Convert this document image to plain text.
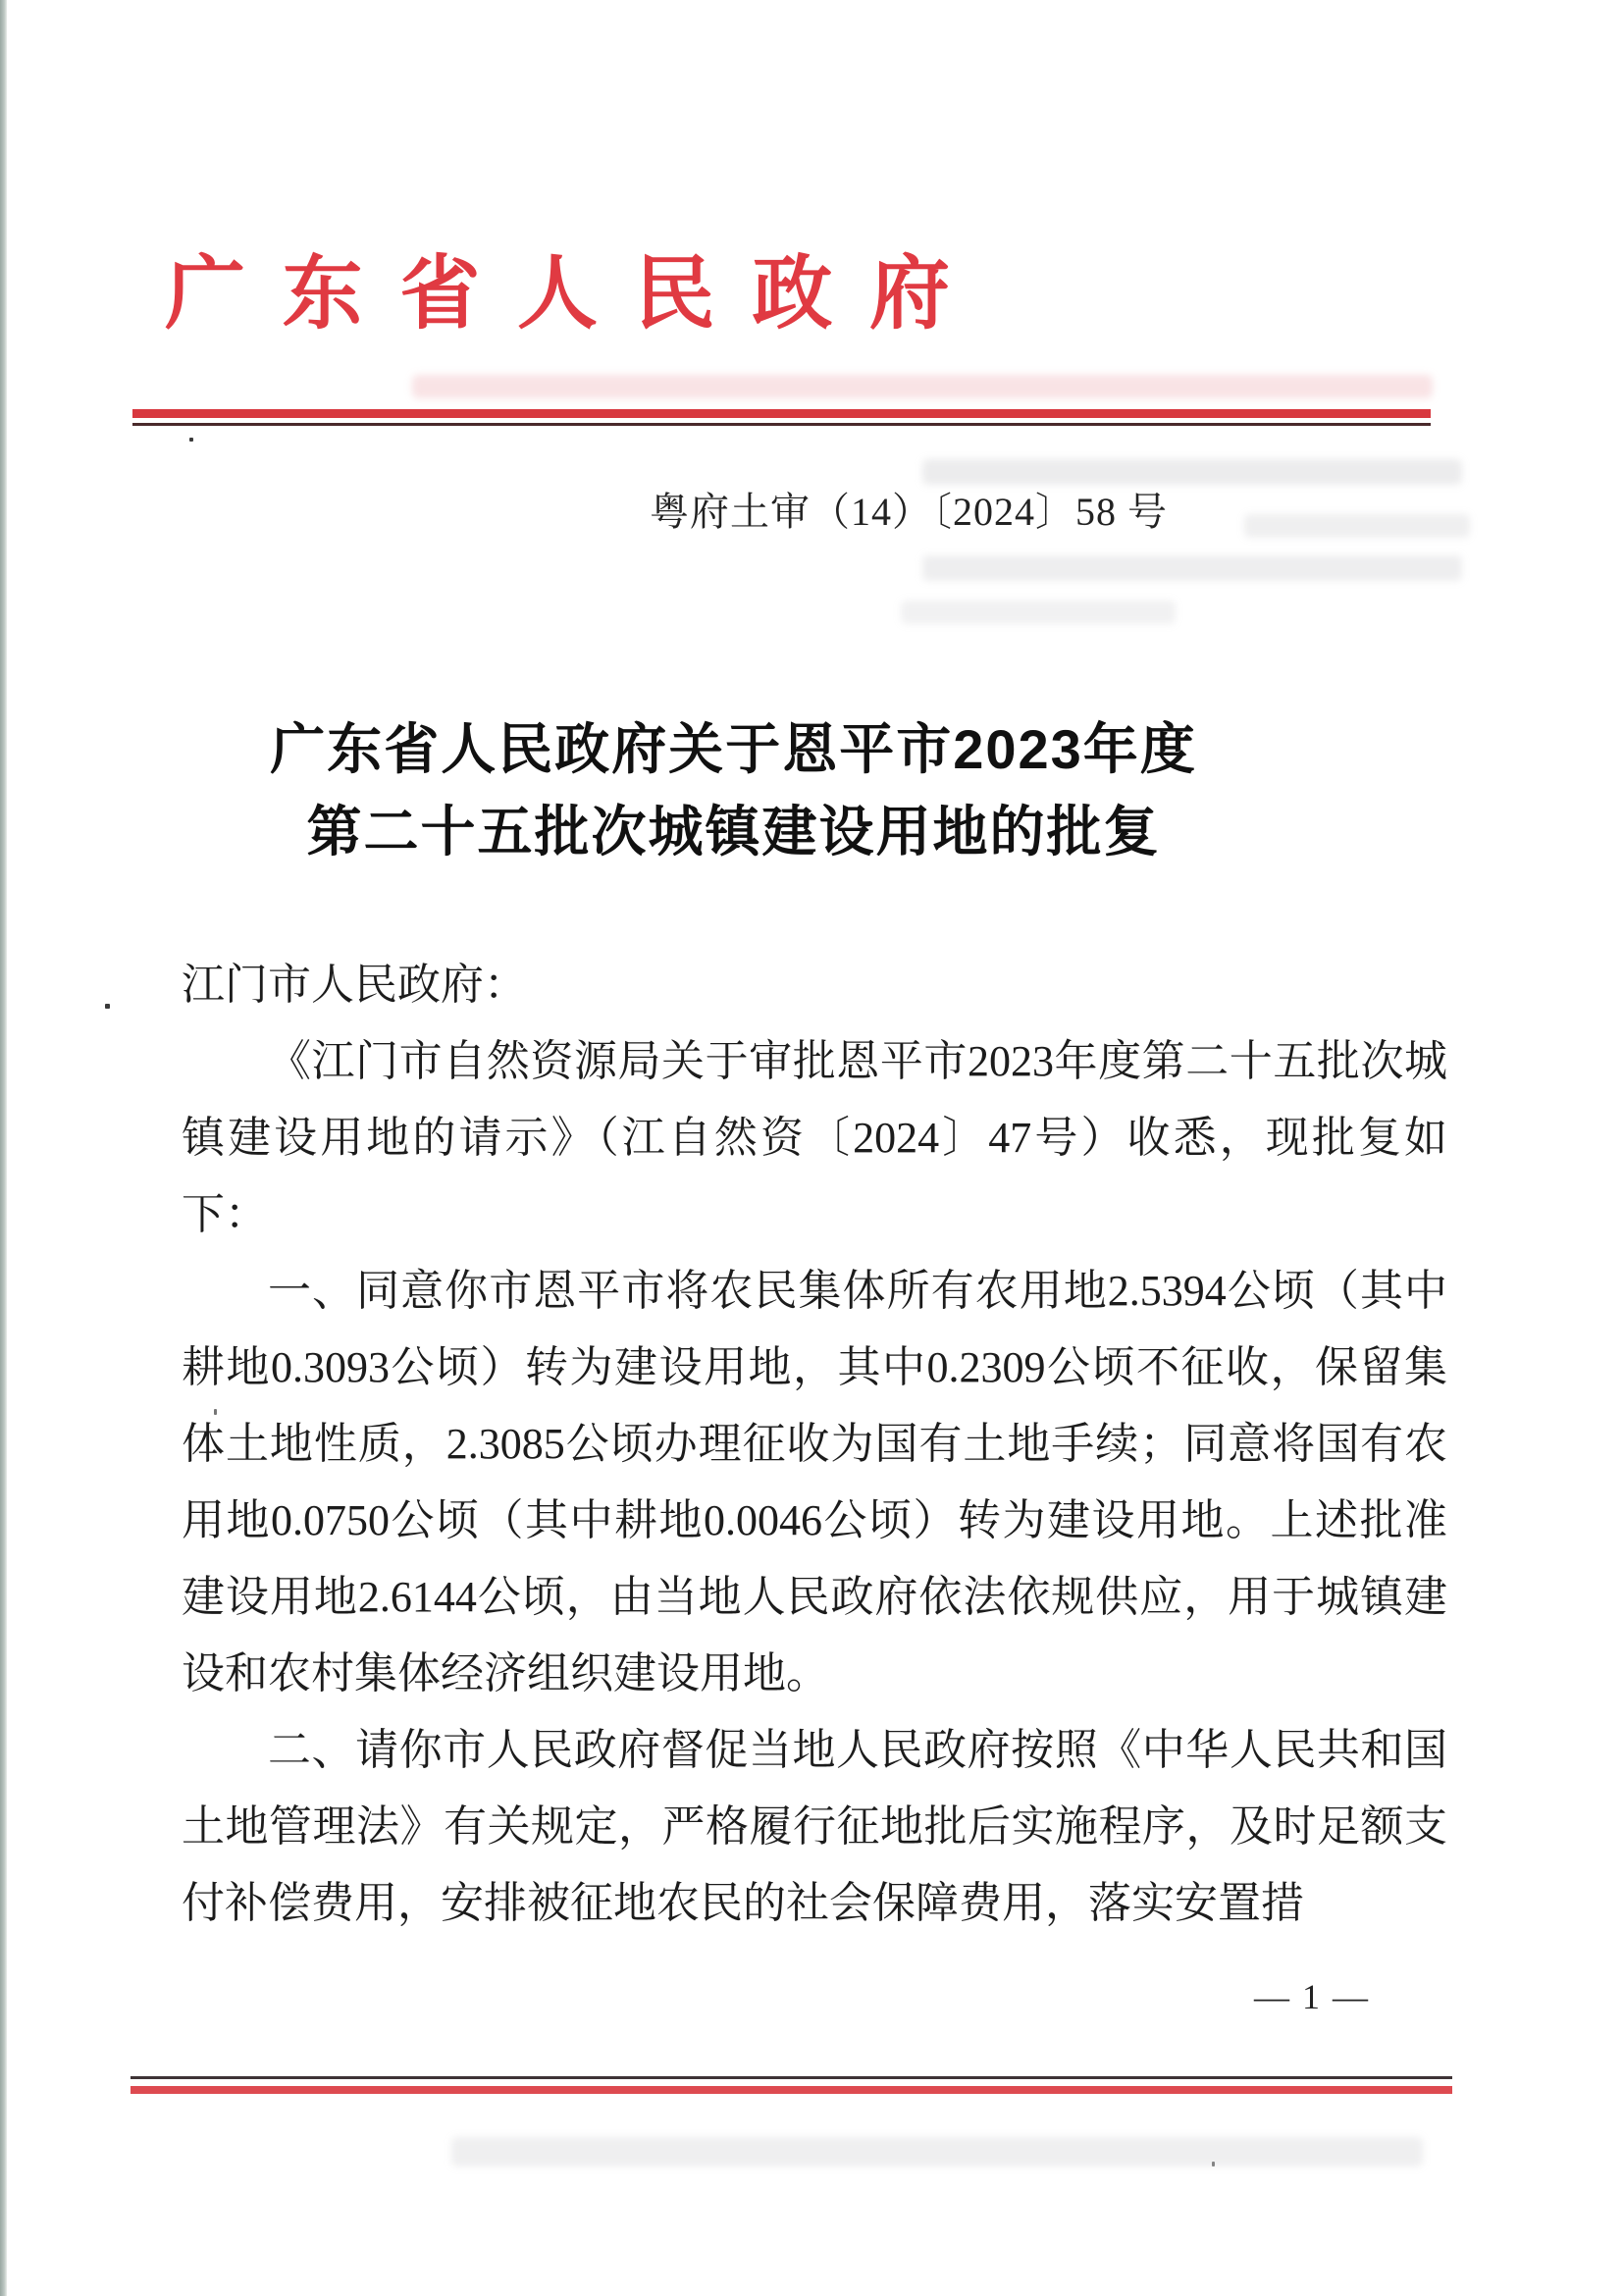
广 东 省 人 民 政 府
粤府土审（14）〔2024〕58 号
广东省人民政府关于恩平市2023年度
第二十五批次城镇建设用地的批复

江门市人民政府：

《江门市自然资源局关于审批恩平市2023年度第二十五批次城镇建设用地的请示》（江自然资〔2024〕47号）收悉，现批复如下：

一、同意你市恩平市将农民集体所有农用地2.5394公顷（其中耕地0.3093公顷）转为建设用地，其中0.2309公顷不征收，保留集体土地性质，2.3085公顷办理征收为国有土地手续；同意将国有农用地0.0750公顷（其中耕地0.0046公顷）转为建设用地。上述批准建设用地2.6144公顷，由当地人民政府依法依规供应，用于城镇建设和农村集体经济组织建设用地。

二、请你市人民政府督促当地人民政府按照《中华人民共和国土地管理法》有关规定，严格履行征地批后实施程序，及时足额支付补偿费用，安排被征地农民的社会保障费用，落实安置措

— 1 —
